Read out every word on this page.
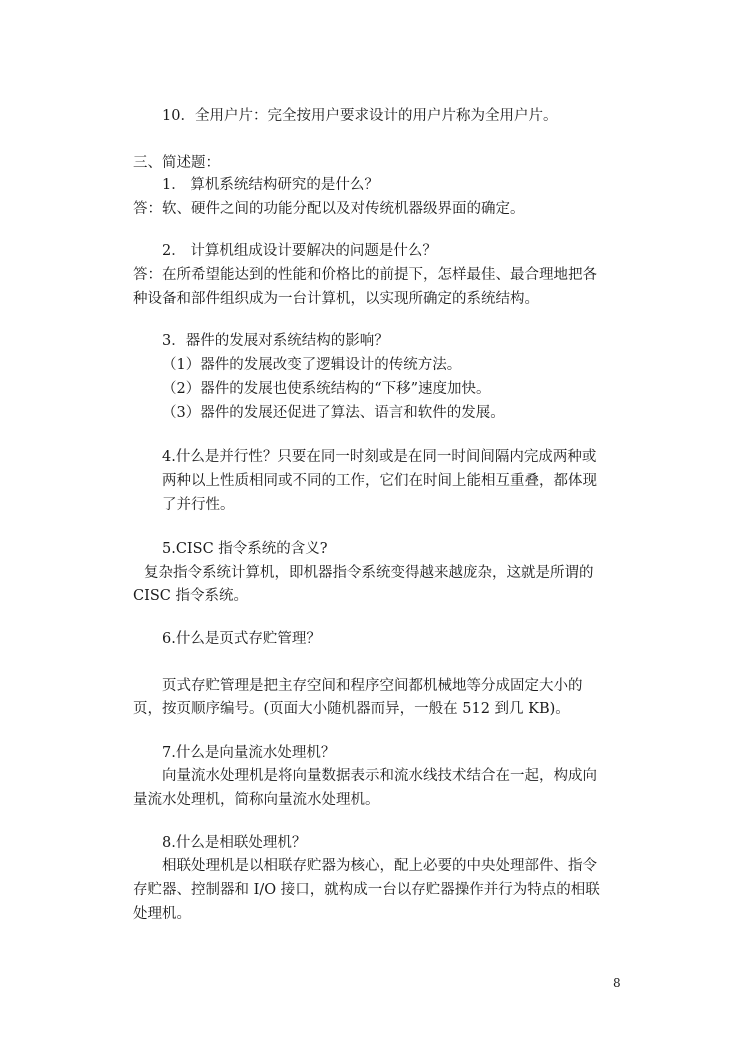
10．全用户片：完全按用户要求设计的用户片称为全用户片。
三、简述题：
1． 算机系统结构研究的是什么？
答：软、硬件之间的功能分配以及对传统机器级界面的确定。
2． 计算机组成设计要解决的问题是什么？
答：在所希望能达到的性能和价格比的前提下，怎样最佳、最合理地把各
种设备和部件组织成为一台计算机，以实现所确定的系统结构。
3．器件的发展对系统结构的影响？
（1）器件的发展改变了逻辑设计的传统方法。
（2）器件的发展也使系统结构的“下移”速度加快。
（3）器件的发展还促进了算法、语言和软件的发展。
4.什么是并行性？只要在同一时刻或是在同一时间间隔内完成两种或
两种以上性质相同或不同的工作，它们在时间上能相互重叠，都体现
了并行性。
5.CISC 指令系统的含义?
复杂指令系统计算机，即机器指令系统变得越来越庞杂，这就是所谓的
CISC 指令系统。
6.什么是页式存贮管理？
页式存贮管理是把主存空间和程序空间都机械地等分成固定大小的
页，按页顺序编号。(页面大小随机器而异，一般在 512 到几 KB)。
7.什么是向量流水处理机？
向量流水处理机是将向量数据表示和流水线技术结合在一起，构成向
量流水处理机，简称向量流水处理机。
8.什么是相联处理机？
相联处理机是以相联存贮器为核心，配上必要的中央处理部件、指令
存贮器、控制器和 I/O 接口，就构成一台以存贮器操作并行为特点的相联
处理机。
8
